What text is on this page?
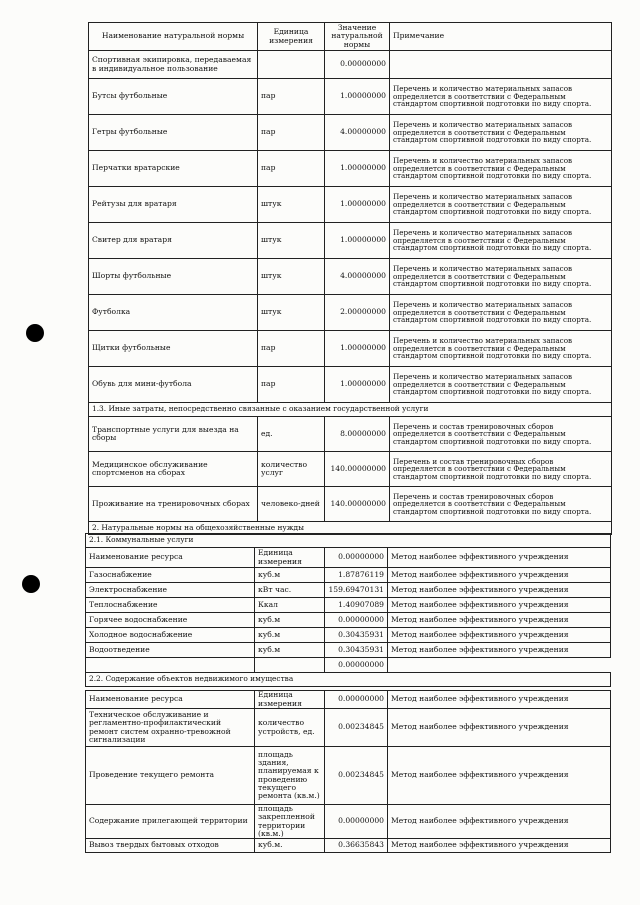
Наименование натуральной нормы	Единица измерения	Значение натуральной нормы	Примечание
Спортивная экипировка, передаваемая в индивидуальное пользование		0.00000000	
Бутсы футбольные	пар	1.00000000	Перечень и количество материальных запасов определяется в соответствии с Федеральным стандартом спортивной подготовки по виду спорта.
Гетры футбольные	пар	4.00000000	Перечень и количество материальных запасов определяется в соответствии с Федеральным стандартом спортивной подготовки по виду спорта.
Перчатки вратарские	пар	1.00000000	Перечень и количество материальных запасов определяется в соответствии с Федеральным стандартом спортивной подготовки по виду спорта.
Рейтузы для вратаря	штук	1.00000000	Перечень и количество материальных запасов определяется в соответствии с Федеральным стандартом спортивной подготовки по виду спорта.
Свитер для вратаря	штук	1.00000000	Перечень и количество материальных запасов определяется в соответствии с Федеральным стандартом спортивной подготовки по виду спорта.
Шорты футбольные	штук	4.00000000	Перечень и количество материальных запасов определяется в соответствии с Федеральным стандартом спортивной подготовки по виду спорта.
Футболка	штук	2.00000000	Перечень и количество материальных запасов определяется в соответствии с Федеральным стандартом спортивной подготовки по виду спорта.
Щитки футбольные	пар	1.00000000	Перечень и количество материальных запасов определяется в соответствии с Федеральным стандартом спортивной подготовки по виду спорта.
Обувь для мини-футбола	пар	1.00000000	Перечень и количество материальных запасов определяется в соответствии с Федеральным стандартом спортивной подготовки по виду спорта.
1.3. Иные затраты, непосредственно связанные с оказанием государственной услуги			
Транспортные услуги для выезда на сборы	ед.	8.00000000	Перечень и состав тренировочных сборов определяется в соответствии с Федеральным стандартом спортивной подготовки по виду спорта.
Медицинское обслуживание спортсменов на сборах	количество услуг	140.00000000	Перечень и состав тренировочных сборов определяется в соответствии с Федеральным стандартом спортивной подготовки по виду спорта.
Проживание на тренировочных сборах	человеко-дней	140.00000000	Перечень и состав тренировочных сборов определяется в соответствии с Федеральным стандартом спортивной подготовки по виду спорта.
2. Натуральные нормы на общехозяйственные нужды			
2.1. Коммунальные услуги			
Наименование ресурса	Единица измерения	0.00000000	Метод наиболее эффективного учреждения
Газоснабжение	куб.м	1.87876119	Метод наиболее эффективного учреждения
Электроснабжение	кВт час.	159.69470131	Метод наиболее эффективного учреждения
Теплоснабжение	Ккал	1.40907089	Метод наиболее эффективного учреждения
Горячее водоснабжение	куб.м	0.00000000	Метод наиболее эффективного учреждения
Холодное водоснабжение	куб.м	0.30435931	Метод наиболее эффективного учреждения
Водоотведение	куб.м	0.30435931	Метод наиболее эффективного учреждения
		0.00000000	
2.2. Содержание объектов недвижимого имущества			
Наименование ресурса	Единица измерения	0.00000000	Метод наиболее эффективного учреждения
Техническое обслуживание и регламентно-профилактический ремонт систем охранно-тревожной сигнализации	количество устройств, ед.	0.00234845	Метод наиболее эффективного учреждения
Проведение текущего ремонта	площадь здания, планируемая к проведению текущего ремонта (кв.м.)	0.00234845	Метод наиболее эффективного учреждения
Содержание прилегающей территории	площадь закрепленной территории (кв.м.)	0.00000000	Метод наиболее эффективного учреждения
Вывоз твердых бытовых отходов	куб.м.	0.36635843	Метод наиболее эффективного учреждения
